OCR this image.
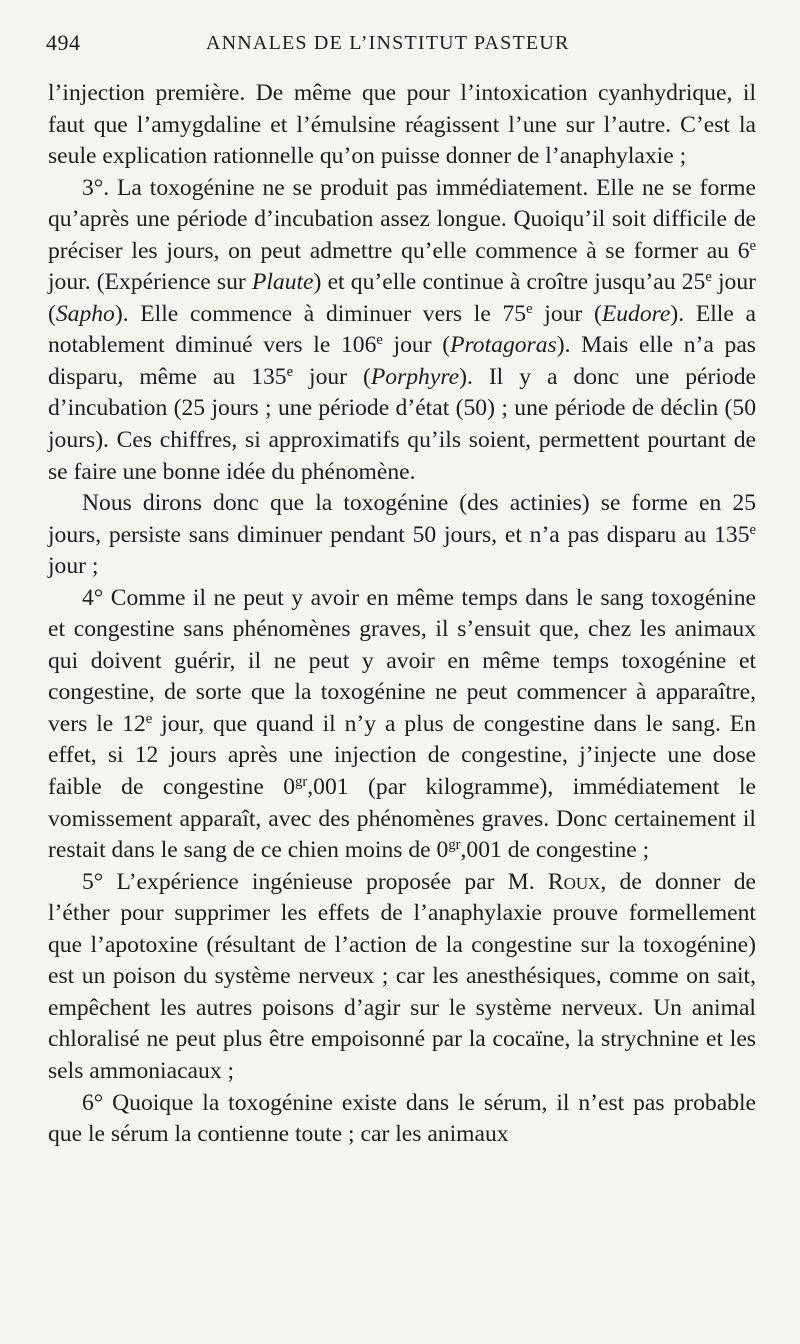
494	ANNALES DE L’INSTITUT PASTEUR

l’injection première. De même que pour l’intoxication cyanhydrique, il faut que l’amygdaline et l’émulsine réagissent l’une sur l’autre. C’est la seule explication rationnelle qu’on puisse donner de l’anaphylaxie ;

3°. La toxogénine ne se produit pas immédiatement. Elle ne se forme qu’après une période d’incubation assez longue. Quoiqu’il soit difficile de préciser les jours, on peut admettre qu’elle commence à se former au 6e jour. (Expérience sur Plaute) et qu’elle continue à croître jusqu’au 25e jour (Sapho). Elle commence à diminuer vers le 75e jour (Eudore). Elle a notablement diminué vers le 106e jour (Protagoras). Mais elle n’a pas disparu, même au 135e jour (Porphyre). Il y a donc une période d’incubation (25 jours ; une période d’état (50) ; une période de déclin (50 jours). Ces chiffres, si approximatifs qu’ils soient, permettent pourtant de se faire une bonne idée du phénomène.

Nous dirons donc que la toxogénine (des actinies) se forme en 25 jours, persiste sans diminuer pendant 50 jours, et n’a pas disparu au 135e jour ;

4° Comme il ne peut y avoir en même temps dans le sang toxogénine et congestine sans phénomènes graves, il s’ensuit que, chez les animaux qui doivent guérir, il ne peut y avoir en même temps toxogénine et congestine, de sorte que la toxogénine ne peut commencer à apparaître, vers le 12e jour, que quand il n’y a plus de congestine dans le sang. En effet, si 12 jours après une injection de congestine, j’injecte une dose faible de congestine $0^{gr},001$ (par kilogramme), immédiatement le vomissement apparaît, avec des phénomènes graves. Donc certainement il restait dans le sang de ce chien moins de $0^{gr},001$ de congestine ;

5° L’expérience ingénieuse proposée par M. Roux, de donner de l’éther pour supprimer les effets de l’anaphylaxie prouve formellement que l’apotoxine (résultant de l’action de la congestine sur la toxogénine) est un poison du système nerveux ; car les anesthésiques, comme on sait, empêchent les autres poisons d’agir sur le système nerveux. Un animal chloralisé ne peut plus être empoisonné par la cocaïne, la strychnine et les sels ammoniacaux ;

6° Quoique la toxogénine existe dans le sérum, il n’est pas probable que le sérum la contienne toute ; car les animaux
